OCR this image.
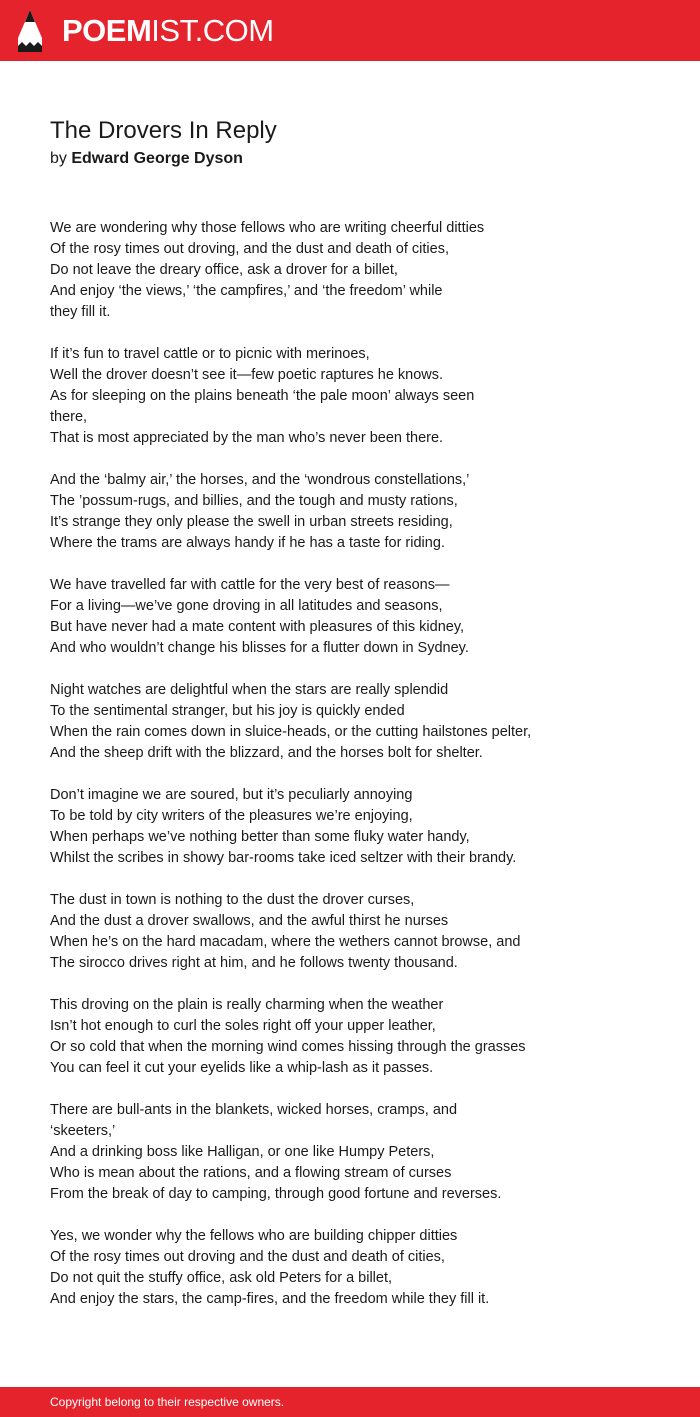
POEMIST.COM
The Drovers In Reply
by Edward George Dyson
We are wondering why those fellows who are writing cheerful ditties
Of the rosy times out droving, and the dust and death of cities,
Do not leave the dreary office, ask a drover for a billet,
And enjoy ‘the views,’ ‘the campfires,’ and ‘the freedom’ while
they fill it.
If it’s fun to travel cattle or to picnic with merinoes,
Well the drover doesn’t see it—few poetic raptures he knows.
As for sleeping on the plains beneath ‘the pale moon’ always seen
there,
That is most appreciated by the man who’s never been there.
And the ‘balmy air,’ the horses, and the ‘wondrous constellations,’
The ’possum-rugs, and billies, and the tough and musty rations,
It’s strange they only please the swell in urban streets residing,
Where the trams are always handy if he has a taste for riding.
We have travelled far with cattle for the very best of reasons—
For a living—we’ve gone droving in all latitudes and seasons,
But have never had a mate content with pleasures of this kidney,
And who wouldn’t change his blisses for a flutter down in Sydney.
Night watches are delightful when the stars are really splendid
To the sentimental stranger, but his joy is quickly ended
When the rain comes down in sluice-heads, or the cutting hailstones pelter,
And the sheep drift with the blizzard, and the horses bolt for shelter.
Don’t imagine we are soured, but it’s peculiarly annoying
To be told by city writers of the pleasures we’re enjoying,
When perhaps we’ve nothing better than some fluky water handy,
Whilst the scribes in showy bar-rooms take iced seltzer with their brandy.
The dust in town is nothing to the dust the drover curses,
And the dust a drover swallows, and the awful thirst he nurses
When he’s on the hard macadam, where the wethers cannot browse, and
The sirocco drives right at him, and he follows twenty thousand.
This droving on the plain is really charming when the weather
Isn’t hot enough to curl the soles right off your upper leather,
Or so cold that when the morning wind comes hissing through the grasses
You can feel it cut your eyelids like a whip-lash as it passes.
There are bull-ants in the blankets, wicked horses, cramps, and
‘skeeters,’
And a drinking boss like Halligan, or one like Humpy Peters,
Who is mean about the rations, and a flowing stream of curses
From the break of day to camping, through good fortune and reverses.
Yes, we wonder why the fellows who are building chipper ditties
Of the rosy times out droving and the dust and death of cities,
Do not quit the stuffy office, ask old Peters for a billet,
And enjoy the stars, the camp-fires, and the freedom while they fill it.
Copyright belong to their respective owners.
